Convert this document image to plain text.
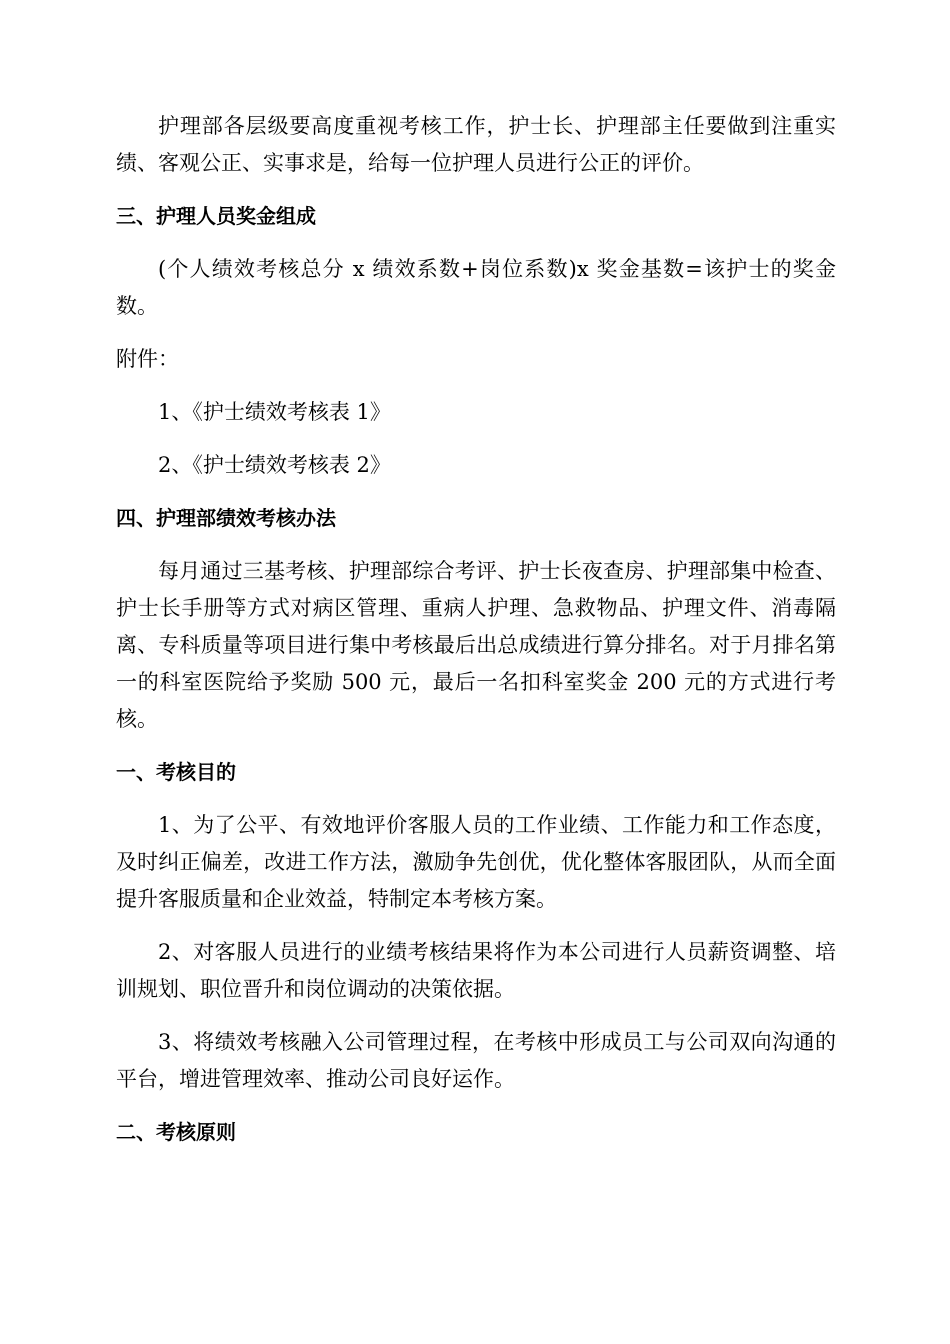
护理部各层级要高度重视考核工作，护士长、护理部主任要做到注重实绩、客观公正、实事求是，给每一位护理人员进行公正的评价。

三、护理人员奖金组成

(个人绩效考核总分 x 绩效系数+岗位系数)x 奖金基数=该护士的奖金数。

附件：

1、《护士绩效考核表 1》

2、《护士绩效考核表 2》

四、护理部绩效考核办法

每月通过三基考核、护理部综合考评、护士长夜查房、护理部集中检查、护士长手册等方式对病区管理、重病人护理、急救物品、护理文件、消毒隔离、专科质量等项目进行集中考核最后出总成绩进行算分排名。对于月排名第一的科室医院给予奖励 500 元，最后一名扣科室奖金 200 元的方式进行考核。

一、考核目的

1、为了公平、有效地评价客服人员的工作业绩、工作能力和工作态度，及时纠正偏差，改进工作方法，激励争先创优，优化整体客服团队，从而全面提升客服质量和企业效益，特制定本考核方案。

2、对客服人员进行的业绩考核结果将作为本公司进行人员薪资调整、培训规划、职位晋升和岗位调动的决策依据。

3、将绩效考核融入公司管理过程，在考核中形成员工与公司双向沟通的平台，增进管理效率、推动公司良好运作。

二、考核原则
